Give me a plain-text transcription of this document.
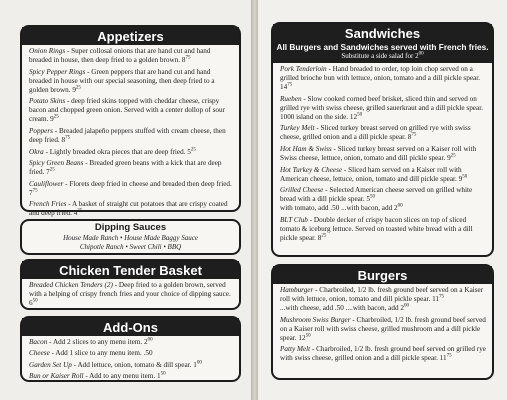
Appetizers
Onion Rings - Super collosal onions that are hand cut and hand breaded in house, then deep fried to a golden brown. $8^{75}$
Spicy Pepper Rings - Green peppers that are hand cut and hand breaded in house with our special seasoning, then deep fried to a golden brown. $9^{25}$
Potato Skins - deep fried skins topped with cheddar cheese, crispy bacon and chopped green onion. Served with a center dollop of sour cream. $9^{25}$
Poppers - Breaded jalapeño peppers stuffed with cream cheese, then deep fried. $8^{75}$
Okra - Lightly breaded okra pieces that are deep fried. $5^{25}$
Spicy Green Beans - Breaded green beans with a kick that are deep fried. $7^{25}$
Cauliflower - Florets deep fried in cheese and breaded then deep fried. $7^{75}$
French Fries - A basket of straight cut potatoes that are crispy coated and deep fried. $4^{25}$
Dipping Sauces
House Made Ranch • House Made Baggy Sauce
Chipotle Ranch • Sweet Chili • BBQ
Chicken Tender Basket
Breaded Chicken Tenders (2) - Deep fried to a golden brown, served with a helping of crispy french fries and your choice of dipping sauce. $6^{50}$
Add-Ons
Bacon - Add 2 slices to any menu item. $2^{00}$
Cheese - Add 1 slice to any menu item. .50
Garden Set Up - Add lettuce, onion, tomato & dill spear. $1^{00}$
Bun or Kaiser Roll - Add to any menu item. $1^{50}$
Sandwiches
All Burgers and Sandwiches served with French fries.
Substitute a side salad for $2^{00}$
Pork Tenderloin - Hand breaded to order, top loin chop served on a grilled brioche bun with lettuce, onion, tomato and a dill pickle spear. $14^{75}$
Rueben - Slow cooked corned beef brisket, sliced thin and served on grilled rye with swiss cheese, grilled sauerkraut and a dill pickle spear. 1000 island on the side. $12^{50}$
Turkey Melt - Sliced turkey breast served on grilled rye with swiss cheese, grilled onion and a dill pickle spear. $8^{75}$
Hot Ham & Swiss - Sliced turkey breast served on a Kaiser roll with Swiss cheese, lettuce, onion, tomato and dill pickle spear. $9^{25}$
Hot Turkey & Cheese - Sliced ham served on a Kaiser roll with American cheese, lettuce, onion, tomato and dill pickle spear. $9^{50}$
Grilled Cheese - Selected American cheese served on grilled white bread with a dill pickle spear. $5^{50}$
with tomato, add .50 ...with bacon, add $2^{00}$
BLT Club - Double decker of crispy bacon slices on top of sliced tomato & iceburg lettuce. Served on toasted white bread with a dill pickle spear. $8^{25}$
Burgers
Hamburger - Charbroiled, 1/2 lb. fresh ground beef served on a Kaiser roll with lettuce, onion, tomato and dill pickle spear. $11^{75}$
...with cheese, add .50 ....with bacon, add $2^{00}$
Mushroom Swiss Burger - Charbroiled, 1/2 lb. fresh ground beef served on a Kaiser roll with swiss cheese, grilled mushroom and a dill pickle spear. $12^{50}$
Patty Melt - Charbroiled, 1/2 lb. fresh ground beef served on grilled rye with swiss cheese, grilled onion and a dill pickle spear. $11^{75}$
